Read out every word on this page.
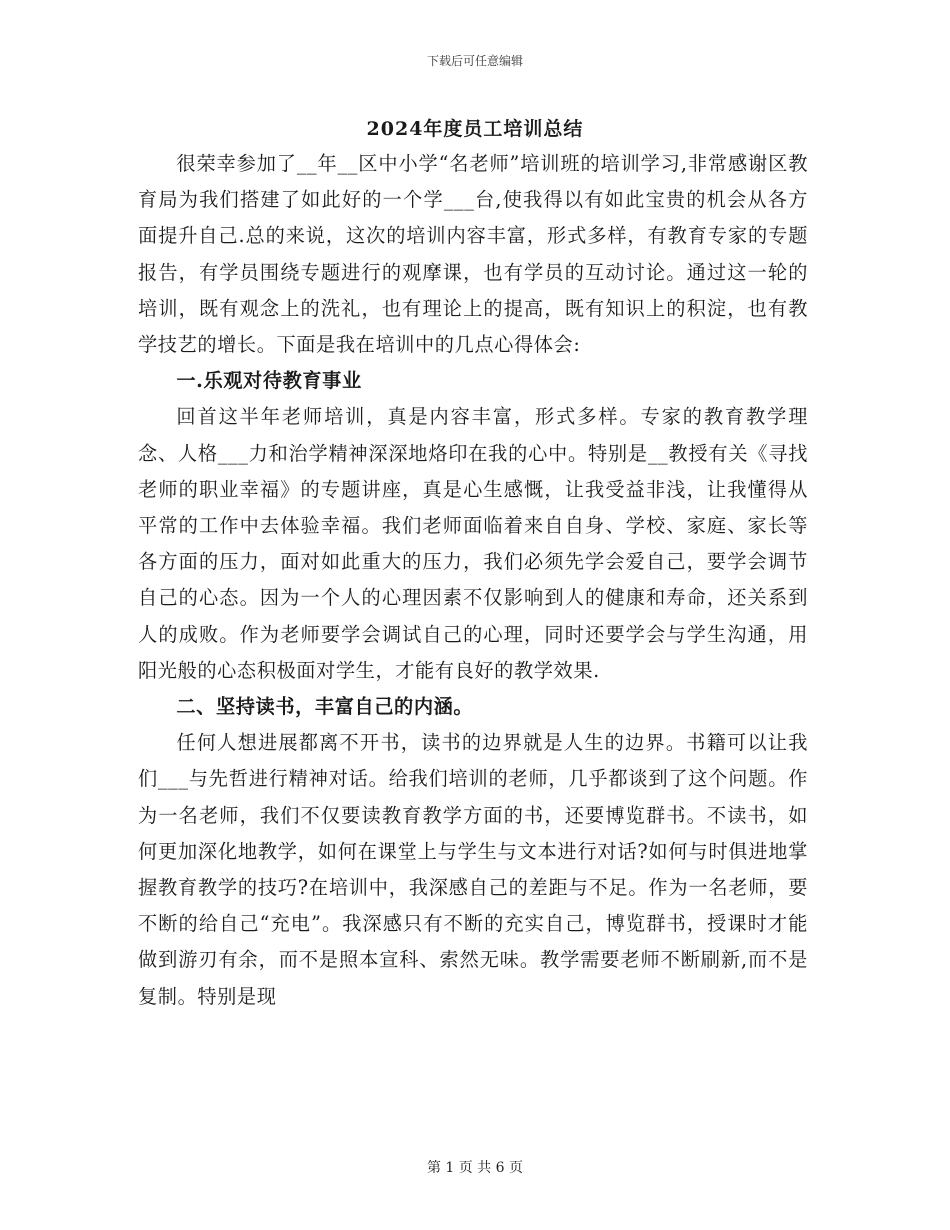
下载后可任意编辑
2024年度员工培训总结

很荣幸参加了__年__区中小学“名老师”培训班的培训学习,非常感谢区教育局为我们搭建了如此好的一个学___台,使我得以有如此宝贵的机会从各方面提升自己.总的来说，这次的培训内容丰富，形式多样，有教育专家的专题报告，有学员围绕专题进行的观摩课，也有学员的互动讨论。通过这一轮的培训，既有观念上的洗礼，也有理论上的提高，既有知识上的积淀，也有教学技艺的增长。下面是我在培训中的几点心得体会:

一.乐观对待教育事业

回首这半年老师培训，真是内容丰富，形式多样。专家的教育教学理念、人格___力和治学精神深深地烙印在我的心中。特别是__教授有关《寻找老师的职业幸福》的专题讲座，真是心生感慨，让我受益非浅，让我懂得从平常的工作中去体验幸福。我们老师面临着来自自身、学校、家庭、家长等各方面的压力，面对如此重大的压力，我们必须先学会爱自己，要学会调节自己的心态。因为一个人的心理因素不仅影响到人的健康和寿命，还关系到人的成败。作为老师要学会调试自己的心理，同时还要学会与学生沟通，用阳光般的心态积极面对学生，才能有良好的教学效果.

二、坚持读书，丰富自己的内涵。

任何人想进展都离不开书，读书的边界就是人生的边界。书籍可以让我们___与先哲进行精神对话。给我们培训的老师，几乎都谈到了这个问题。作为一名老师，我们不仅要读教育教学方面的书，还要博览群书。不读书，如何更加深化地教学，如何在课堂上与学生与文本进行对话?如何与时俱进地掌握教育教学的技巧?在培训中，我深感自己的差距与不足。作为一名老师，要不断的给自己“充电”。我深感只有不断的充实自己，博览群书，授课时才能做到游刃有余，而不是照本宣科、索然无味。教学需要老师不断刷新,而不是复制。特别是现

第 1 页 共 6 页
